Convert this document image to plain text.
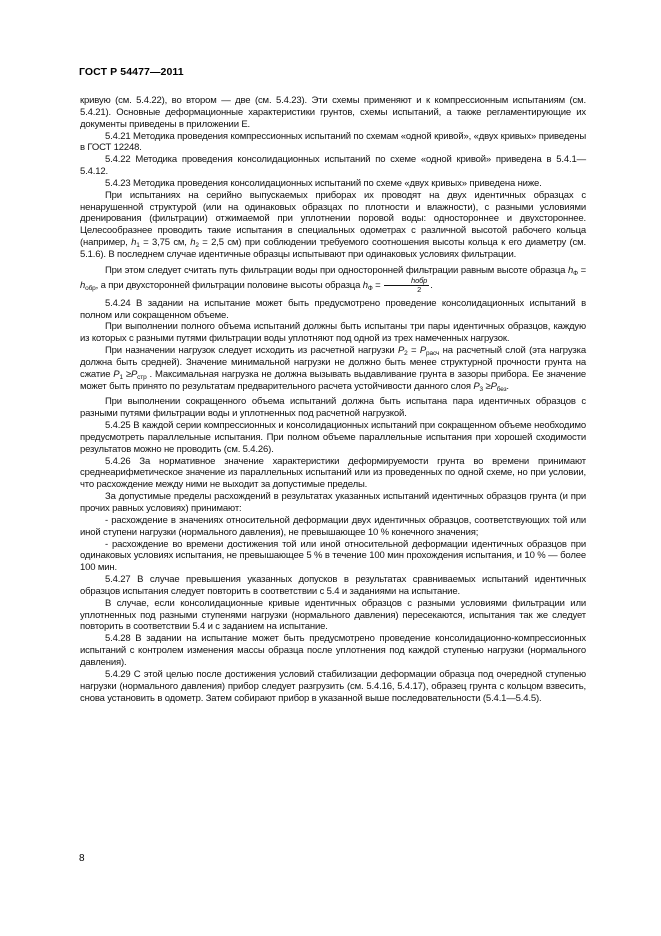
ГОСТ Р 54477—2011

кривую (см. 5.4.22), во втором — две (см. 5.4.23). Эти схемы применяют и к компрессионным испытаниям (см. 5.4.21). Основные деформационные характеристики грунтов, схемы испытаний, а также регламентирующие их документы приведены в приложении Е.

5.4.21 Методика проведения компрессионных испытаний по схемам «одной кривой», «двух кривых» приведены в ГОСТ 12248.

5.4.22 Методика проведения консолидационных испытаний по схеме «одной кривой» приведена в 5.4.1—5.4.12.

5.4.23 Методика проведения консолидационных испытаний по схеме «двух кривых» приведена ниже.

При испытаниях на серийно выпускаемых приборах их проводят на двух идентичных образцах с ненарушенной структурой (или на одинаковых образцах по плотности и влажности), с разными условиями дренирования (фильтрации) отжимаемой при уплотнении поровой воды: одностороннее и двухстороннее. Целесообразнее проводить такие испытания в специальных одометрах с различной высотой рабочего кольца (например, $h_1 = 3,75$ см, $h_2 = 2,5$ см) при соблюдении требуемого соотношения высоты кольца к его диаметру (см. 5.1.6). В последнем случае идентичные образцы испытывают при одинаковых условиях фильтрации.

При этом следует считать путь фильтрации воды при односторонней фильтрации равным высоте образца $h_Ф = h_{обр}$, а при двухсторонней фильтрации половине высоты образца $h_Ф = \frac{\text{hобр}}{2}$ .

5.4.24 В задании на испытание может быть предусмотрено проведение консолидационных испытаний в полном или сокращенном объеме.

При выполнении полного объема испытаний должны быть испытаны три пары идентичных образцов, каждую из которых с разными путями фильтрации воды уплотняют под одной из трех намеченных нагрузок.

При назначении нагрузок следует исходить из расчетной нагрузки $P_2 = P_{расч}$ на расчетный слой (эта нагрузка должна быть средней). Значение минимальной нагрузки не должно быть менее структурной прочности грунта на сжатие $P_1 \ge P_{стр}$ . Максимальная нагрузка не должна вызывать выдавливание грунта в зазоры прибора. Ее значение может быть принято по результатам предварительного расчета устойчивости данного слоя $P_3 \ge P_{без}$.

При выполнении сокращенного объема испытаний должна быть испытана пара идентичных образцов с разными путями фильтрации воды и уплотненных под расчетной нагрузкой.

5.4.25 В каждой серии компрессионных и консолидационных испытаний при сокращенном объеме необходимо предусмотреть параллельные испытания. При полном объеме параллельные испытания при хорошей сходимости результатов можно не проводить (см. 5.4.26).

5.4.26 За нормативное значение характеристики деформируемости грунта во времени принимают среднеарифметическое значение из параллельных испытаний или из проведенных по одной схеме, но при условии, что расхождение между ними не выходит за допустимые пределы.

За допустимые пределы расхождений в результатах указанных испытаний идентичных образцов грунта (и при прочих равных условиях) принимают:

- расхождение в значениях относительной деформации двух идентичных образцов, соответствующих той или иной ступени нагрузки (нормального давления), не превышающее 10 % конечного значения;

- расхождение во времени достижения той или иной относительной деформации идентичных образцов при одинаковых условиях испытания, не превышающее 5 % в течение 100 мин прохождения испытания, и 10 % — более 100 мин.

5.4.27 В случае превышения указанных допусков в результатах сравниваемых испытаний идентичных образцов испытания следует повторить в соответствии с 5.4 и заданиями на испытание.

В случае, если консолидационные кривые идентичных образцов с разными условиями фильтрации или уплотненных под разными ступенями нагрузки (нормального давления) пересекаются, испытания так же следует повторить в соответствии 5.4 и с заданием на испытание.

5.4.28 В задании на испытание может быть предусмотрено проведение консолидационно-компрессионных испытаний с контролем изменения массы образца после уплотнения под каждой ступенью нагрузки (нормального давления).

5.4.29 С этой целью после достижения условий стабилизации деформации образца под очередной ступенью нагрузки (нормального давления) прибор следует разгрузить (см. 5.4.16, 5.4.17), образец грунта с кольцом взвесить, снова установить в одометр. Затем собирают прибор в указанной выше последовательности (5.4.1—5.4.5).

8
